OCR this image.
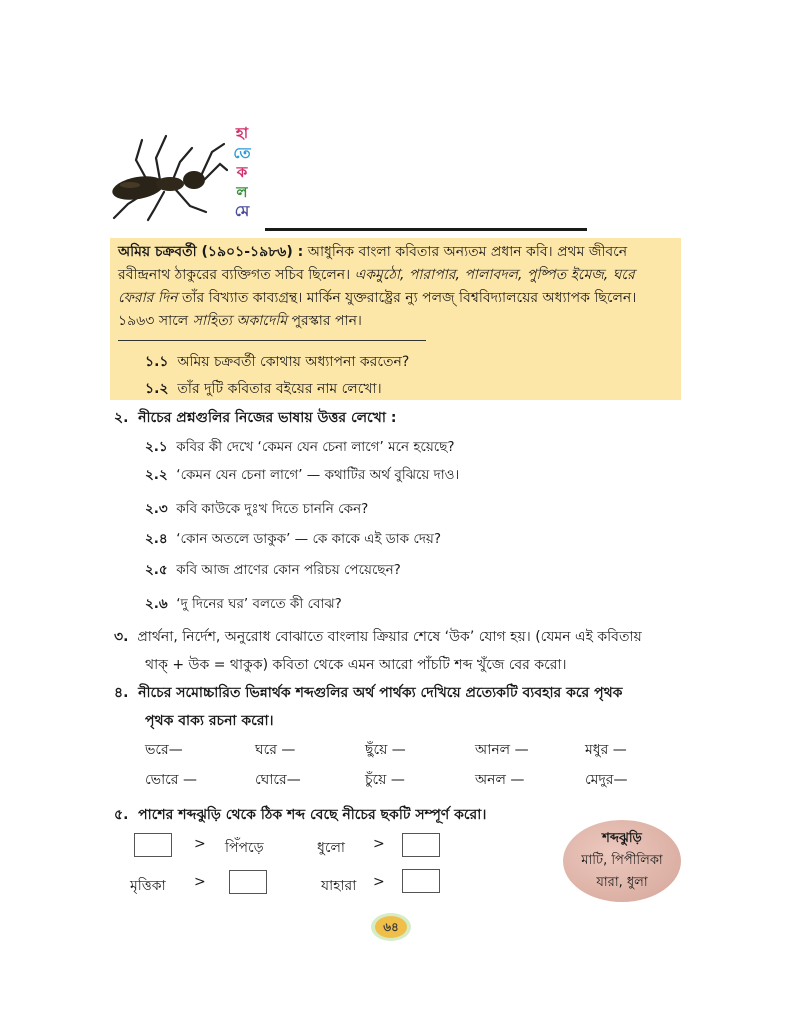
হা
তে
ক
ল
মে
অমিয় চক্রবর্তী (১৯০১-১৯৮৬) : আধুনিক বাংলা কবিতার অন্যতম প্রধান কবি। প্রথম জীবনে
রবীন্দ্রনাথ ঠাকুরের ব্যক্তিগত সচিব ছিলেন। একমুঠো, পারাপার, পালাবদল, পুষ্পিত ইমেজ, ঘরে
ফেরার দিন তাঁর বিখ্যাত কাব্যগ্রন্থ। মার্কিন যুক্তরাষ্ট্রের ন্যু পলজ্ বিশ্ববিদ্যালয়ের অধ্যাপক ছিলেন।
১৯৬৩ সালে সাহিত্য অকাদেমি পুরস্কার পান।
১.১ অমিয় চক্রবর্তী কোথায় অধ্যাপনা করতেন?
১.২ তাঁর দুটি কবিতার বইয়ের নাম লেখো।
২. নীচের প্রশ্নগুলির নিজের ভাষায় উত্তর লেখো :
২.১ কবির কী দেখে ‘কেমন যেন চেনা লাগে’ মনে হয়েছে?
২.২ ‘কেমন যেন চেনা লাগে’ — কথাটির অর্থ বুঝিয়ে দাও।
২.৩ কবি কাউকে দুঃখ দিতে চাননি কেন?
২.৪ ‘কোন অতলে ডাকুক’ — কে কাকে এই ডাক দেয়?
২.৫ কবি আজ প্রাণের কোন পরিচয় পেয়েছেন?
২.৬ ‘দু দিনের ঘর’ বলতে কী বোঝ?
৩. প্রার্থনা, নির্দেশ, অনুরোধ বোঝাতে বাংলায় ক্রিয়ার শেষে ‘উক’ যোগ হয়। (যেমন এই কবিতায়
থাক্ + উক = থাকুক) কবিতা থেকে এমন আরো পাঁচটি শব্দ খুঁজে বের করো।
৪. নীচের সমোচ্চারিত ভিন্নার্থক শব্দগুলির অর্থ পার্থক্য দেখিয়ে প্রত্যেকটি ব্যবহার করে পৃথক
পৃথক বাক্য রচনা করো।
ভরে—	ঘরে —	ছুঁয়ে —	আনল —	মধুর —
ভোরে —	ঘোরে—	চুঁয়ে —	অনল —	মেদুর—
৫. পাশের শব্দঝুড়ি থেকে ঠিক শব্দ বেছে নীচের ছকটি সম্পূর্ণ করো।
> পিঁপড়ে	ধুলো >
মৃত্তিকা >	যাহারা >
শব্দঝুড়ি
মাটি, পিপীলিকা
যারা, ধুলা
৬৪
